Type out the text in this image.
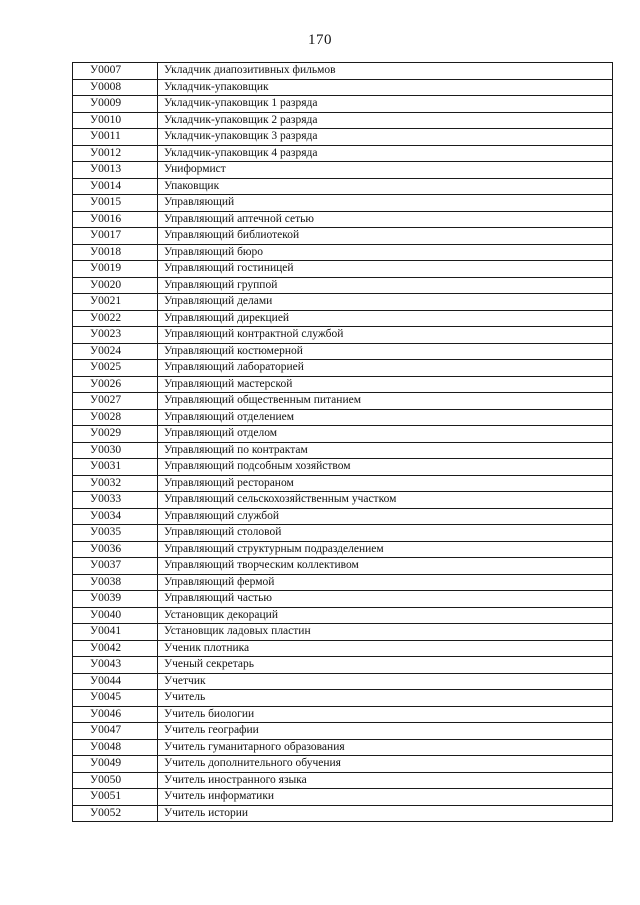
170
У0007	Укладчик диапозитивных фильмов
У0008	Укладчик-упаковщик
У0009	Укладчик-упаковщик 1 разряда
У0010	Укладчик-упаковщик 2 разряда
У0011	Укладчик-упаковщик 3 разряда
У0012	Укладчик-упаковщик 4 разряда
У0013	Униформист
У0014	Упаковщик
У0015	Управляющий
У0016	Управляющий аптечной сетью
У0017	Управляющий библиотекой
У0018	Управляющий бюро
У0019	Управляющий гостиницей
У0020	Управляющий группой
У0021	Управляющий делами
У0022	Управляющий дирекцией
У0023	Управляющий контрактной службой
У0024	Управляющий костюмерной
У0025	Управляющий лабораторией
У0026	Управляющий мастерской
У0027	Управляющий общественным питанием
У0028	Управляющий отделением
У0029	Управляющий отделом
У0030	Управляющий по контрактам
У0031	Управляющий подсобным хозяйством
У0032	Управляющий рестораном
У0033	Управляющий сельскохозяйственным участком
У0034	Управляющий службой
У0035	Управляющий столовой
У0036	Управляющий структурным подразделением
У0037	Управляющий творческим коллективом
У0038	Управляющий фермой
У0039	Управляющий частью
У0040	Установщик декораций
У0041	Установщик ладовых пластин
У0042	Ученик плотника
У0043	Ученый секретарь
У0044	Учетчик
У0045	Учитель
У0046	Учитель биологии
У0047	Учитель географии
У0048	Учитель гуманитарного образования
У0049	Учитель дополнительного обучения
У0050	Учитель иностранного языка
У0051	Учитель информатики
У0052	Учитель истории
